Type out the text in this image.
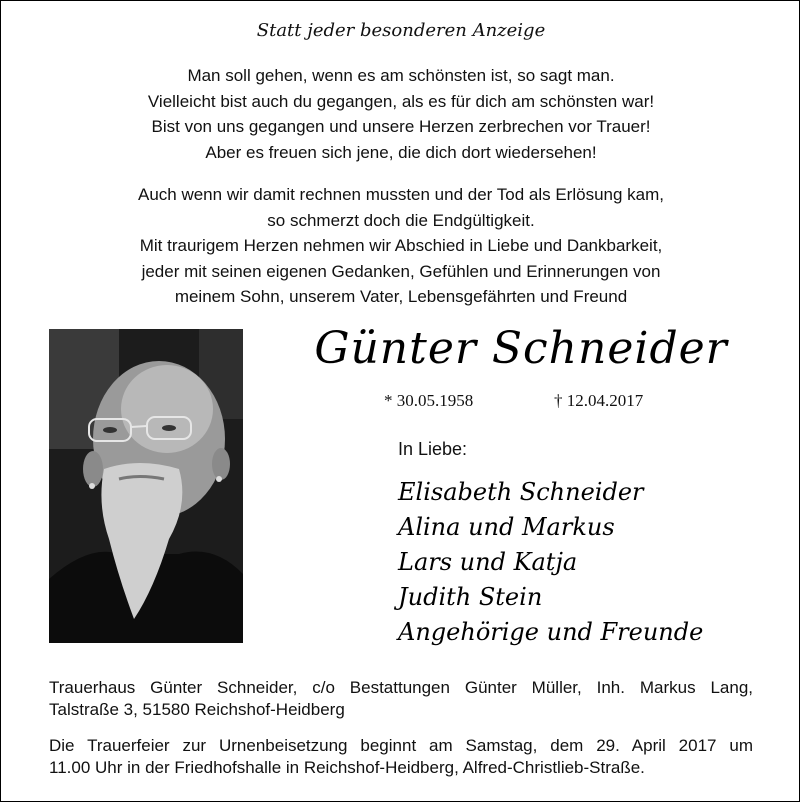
Statt jeder besonderen Anzeige
Man soll gehen, wenn es am schönsten ist, so sagt man.
Vielleicht bist auch du gegangen, als es für dich am schönsten war!
Bist von uns gegangen und unsere Herzen zerbrechen vor Trauer!
Aber es freuen sich jene, die dich dort wiedersehen!
Auch wenn wir damit rechnen mussten und der Tod als Erlösung kam,
so schmerzt doch die Endgültigkeit.
Mit traurigem Herzen nehmen wir Abschied in Liebe und Dankbarkeit,
jeder mit seinen eigenen Gedanken, Gefühlen und Erinnerungen von
meinem Sohn, unserem Vater, Lebensgefährten und Freund
Günter Schneider
* 30.05.1958	† 12.04.2017
In Liebe:
Elisabeth Schneider
Alina und Markus
Lars und Katja
Judith Stein
Angehörige und Freunde
Trauerhaus Günter Schneider, c/o Bestattungen Günter Müller, Inh. Markus Lang,
Talstraße 3, 51580 Reichshof-Heidberg
Die Trauerfeier zur Urnenbeisetzung beginnt am Samstag, dem 29. April 2017 um
11.00 Uhr in der Friedhofshalle in Reichshof-Heidberg, Alfred-Christlieb-Straße.
